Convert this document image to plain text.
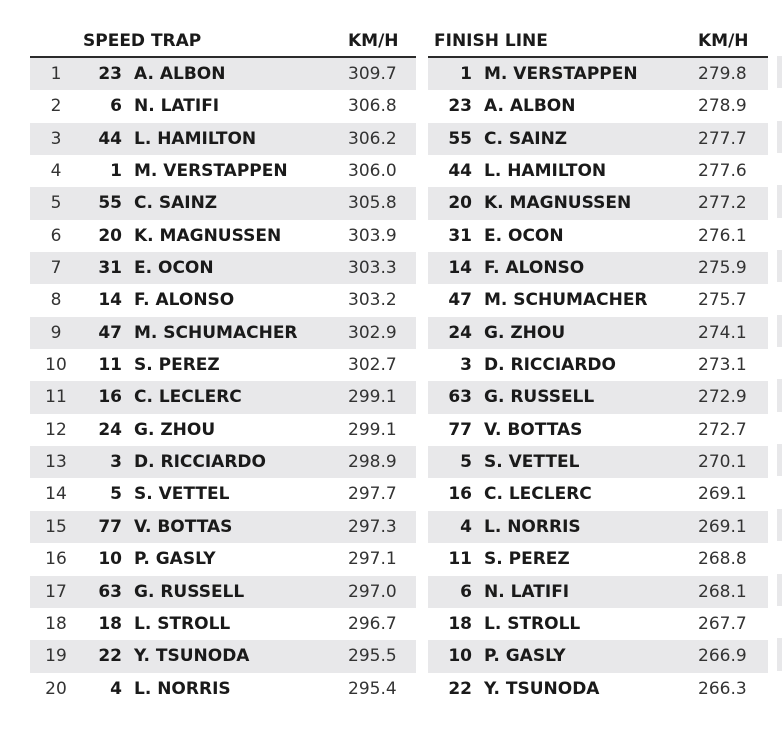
SPEED TRAP	KM/H
1	23 A. ALBON	309.7
2	6 N. LATIFI	306.8
3	44 L. HAMILTON	306.2
4	1 M. VERSTAPPEN	306.0
5	55 C. SAINZ	305.8
6	20 K. MAGNUSSEN	303.9
7	31 E. OCON	303.3
8	14 F. ALONSO	303.2
9	47 M. SCHUMACHER	302.9
10	11 S. PEREZ	302.7
11	16 C. LECLERC	299.1
12	24 G. ZHOU	299.1
13	3 D. RICCIARDO	298.9
14	5 S. VETTEL	297.7
15	77 V. BOTTAS	297.3
16	10 P. GASLY	297.1
17	63 G. RUSSELL	297.0
18	18 L. STROLL	296.7
19	22 Y. TSUNODA	295.5
20	4 L. NORRIS	295.4
FINISH LINE	KM/H
1 M. VERSTAPPEN	279.8
23 A. ALBON	278.9
55 C. SAINZ	277.7
44 L. HAMILTON	277.6
20 K. MAGNUSSEN	277.2
31 E. OCON	276.1
14 F. ALONSO	275.9
47 M. SCHUMACHER	275.7
24 G. ZHOU	274.1
3 D. RICCIARDO	273.1
63 G. RUSSELL	272.9
77 V. BOTTAS	272.7
5 S. VETTEL	270.1
16 C. LECLERC	269.1
4 L. NORRIS	269.1
11 S. PEREZ	268.8
6 N. LATIFI	268.1
18 L. STROLL	267.7
10 P. GASLY	266.9
22 Y. TSUNODA	266.3
